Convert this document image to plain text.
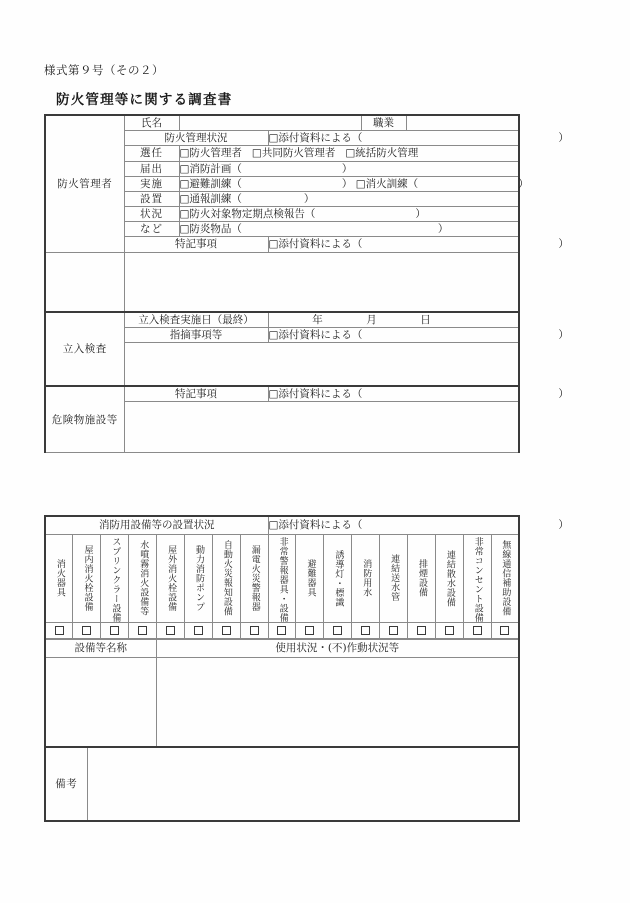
様式第９号（その２）
防火管理等に関する調査書
防火管理者	氏名			職業	
	防火管理状況		□添付資料による（ ）		
	選任	□防火管理者 □共同防火管理者 □統括防火管理			
	届出	□消防計画（ ）			
	実施	□避難訓練（ ） □消火訓練（ ）			
	設置	□通報訓練（ ）			
	状況	□防火対象物定期点検報告（ ）			
	など	□防炎物品（ ）			
	特記事項		□添付資料による（ ）		

立入検査	立入検査実施日（最終）		年 月 日		
	指摘事項等		□添付資料による（ ）		

危険物施設等	特記事項		□添付資料による（ ）		

消防用設備等の設置状況								□添付資料による（ ）								
消火器具	屋内消火栓設備	スプリンクラー設備	水噴霧消火設備等	屋外消火栓設備	動力消防ポンプ	自動火災報知設備	漏電火災警報器	非常警報器具・設備	避難器具	誘導灯・標識	消防用水	連結送水管	排煙設備	連結散水設備	非常コンセント設備	無線通信補助設備

設備等名称		使用状況・(不)作動状況等

備考		
